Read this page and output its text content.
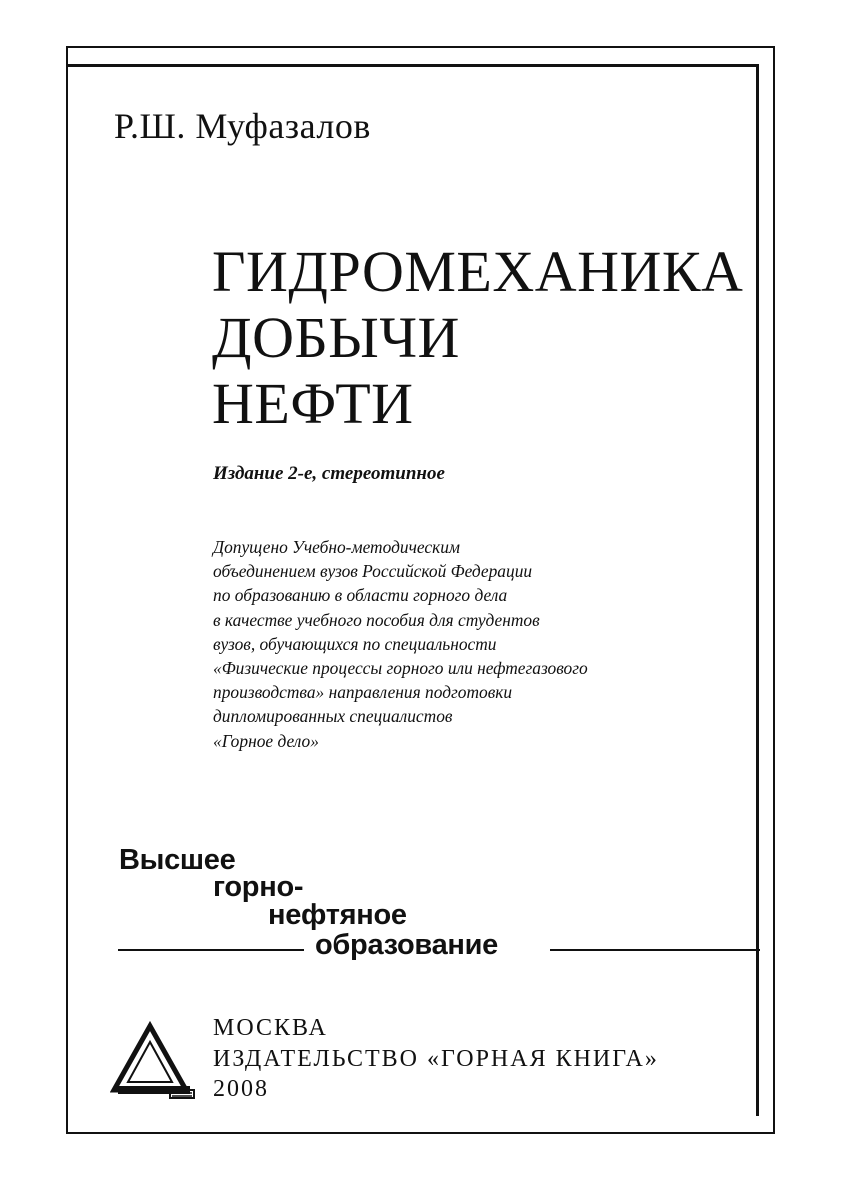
Р.Ш. Муфазалов
ГИДРОМЕХАНИКА
ДОБЫЧИ
НЕФТИ
Издание 2-е, стереотипное
Допущено Учебно-методическим
объединением вузов Российской Федерации
по образованию в области горного дела
в качестве учебного пособия для студентов
вузов, обучающихся по специальности
«Физические процессы горного или нефтегазового
производства» направления подготовки
дипломированных специалистов
«Горное дело»
Высшее
горно-
нефтяное
образование
МОСКВА
ИЗДАТЕЛЬСТВО «ГОРНАЯ КНИГА»
2008
